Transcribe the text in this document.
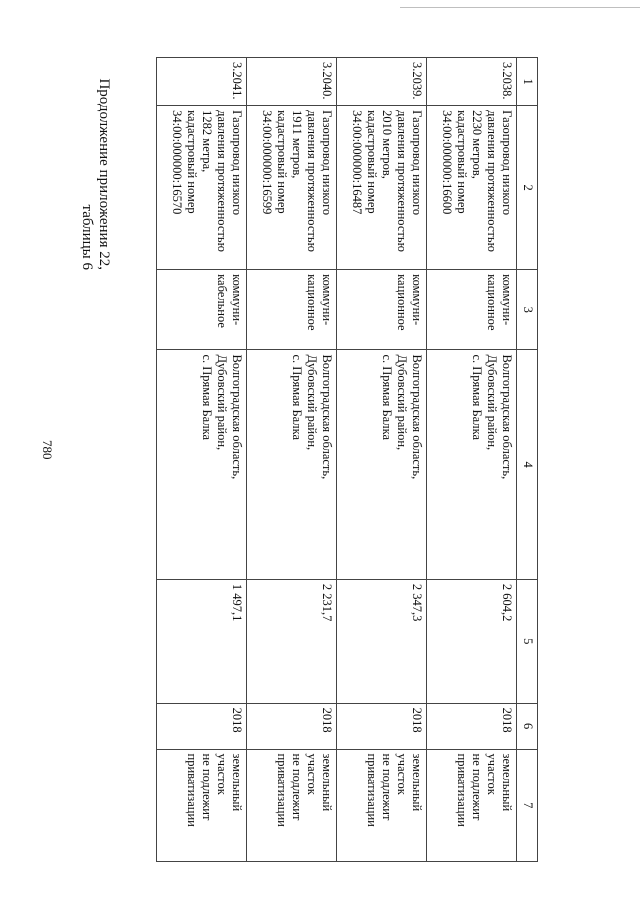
780
Продолжение приложения 22,
таблицы 6
1	2	3	4	5	6	7

3.2038.	Газопровод низкого
давления протяженностью
2230 метров,
кадастровый номер
34:00:000000:16600	коммуни-
кационное	Волгоградская область,
Дубовский район,
с. Прямая Балка	2 604,2	2018	земельный
участок
не подлежит
приватизации

3.2039.	Газопровод низкого
давления протяженностью
2010 метров,
кадастровый номер
34:00:000000:16487	коммуни-
кационное	Волгоградская область,
Дубовский район,
с. Прямая Балка	2 347,3	2018	земельный
участок
не подлежит
приватизации

3.2040.	Газопровод низкого
давления протяженностью
1911 метров,
кадастровый номер
34:00:000000:16599	коммуни-
кационное	Волгоградская область,
Дубовский район,
с. Прямая Балка	2 231,7	2018	земельный
участок
не подлежит
приватизации

3.2041.	Газопровод низкого
давления протяженностью
1282 метра,
кадастровый номер
34:00:000000:16570	коммуни-
кабельное	Волгоградская область,
Дубовский район,
с. Прямая Балка	1 497,1	2018	земельный
участок
не подлежит
приватизации
